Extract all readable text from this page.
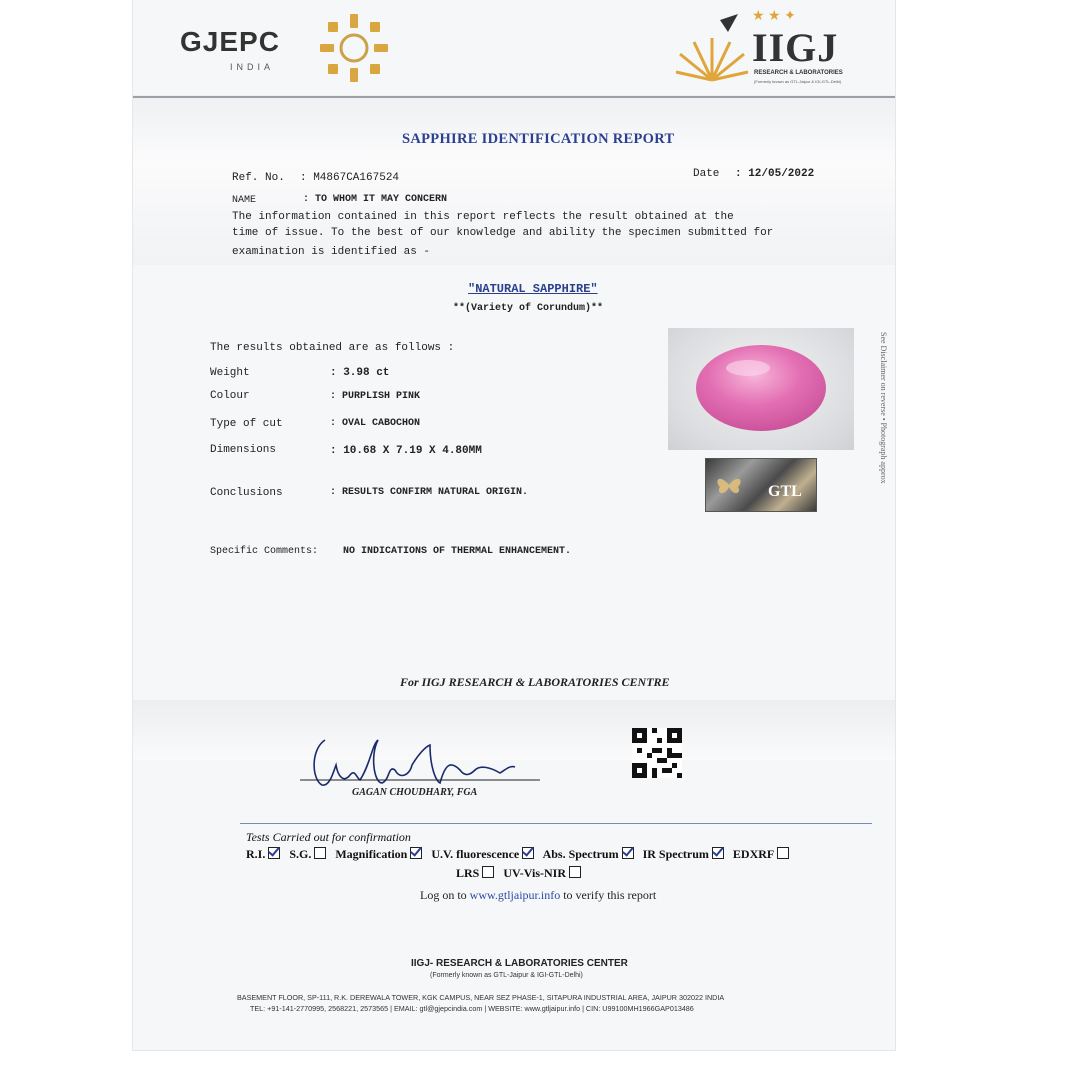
GJEPC
INDIA
★ ★ ✦
IIGJ
RESEARCH & LABORATORIES
(Formerly known as GTL-Jaipur & IGI-GTL-Delhi)
SAPPHIRE IDENTIFICATION REPORT
Ref. No. : M4867CA167524	Date : 12/05/2022
NAME	: TO WHOM IT MAY CONCERN
The information contained in this report reflects the result obtained at the
time of issue. To the best of our knowledge and ability the specimen submitted for
examination is identified as -
"NATURAL SAPPHIRE"
**(Variety of Corundum)**
The results obtained are as follows :
Weight	: 3.98 ct
Colour	: PURPLISH PINK
Type of cut	: OVAL CABOCHON
Dimensions	: 10.68 X 7.19 X 4.80MM
Conclusions	: RESULTS CONFIRM NATURAL ORIGIN.
Specific Comments: NO INDICATIONS OF THERMAL ENHANCEMENT.
GTL
See Disclaimer on reverse • Photograph approx
For IIGJ RESEARCH & LABORATORIES CENTRE
GAGAN CHOUDHARY, FGA
Tests Carried out for confirmation
R.I. S.G. Magnification U.V. fluorescence Abs. Spectrum IR Spectrum EDXRF
LRS UV-Vis-NIR
Log on to www.gtljaipur.info to verify this report
IIGJ- RESEARCH & LABORATORIES CENTER
(Formerly known as GTL-Jaipur & IGI-GTL-Delhi)
BASEMENT FLOOR, SP-111, R.K. DEREWALA TOWER, KGK CAMPUS, NEAR SEZ PHASE-1, SITAPURA INDUSTRIAL AREA, JAIPUR 302022 INDIA
TEL: +91-141-2770995, 2568221, 2573565 | EMAIL: gtl@gjepcindia.com | WEBSITE: www.gtljaipur.info | CIN: U99100MH1966GAP013486
